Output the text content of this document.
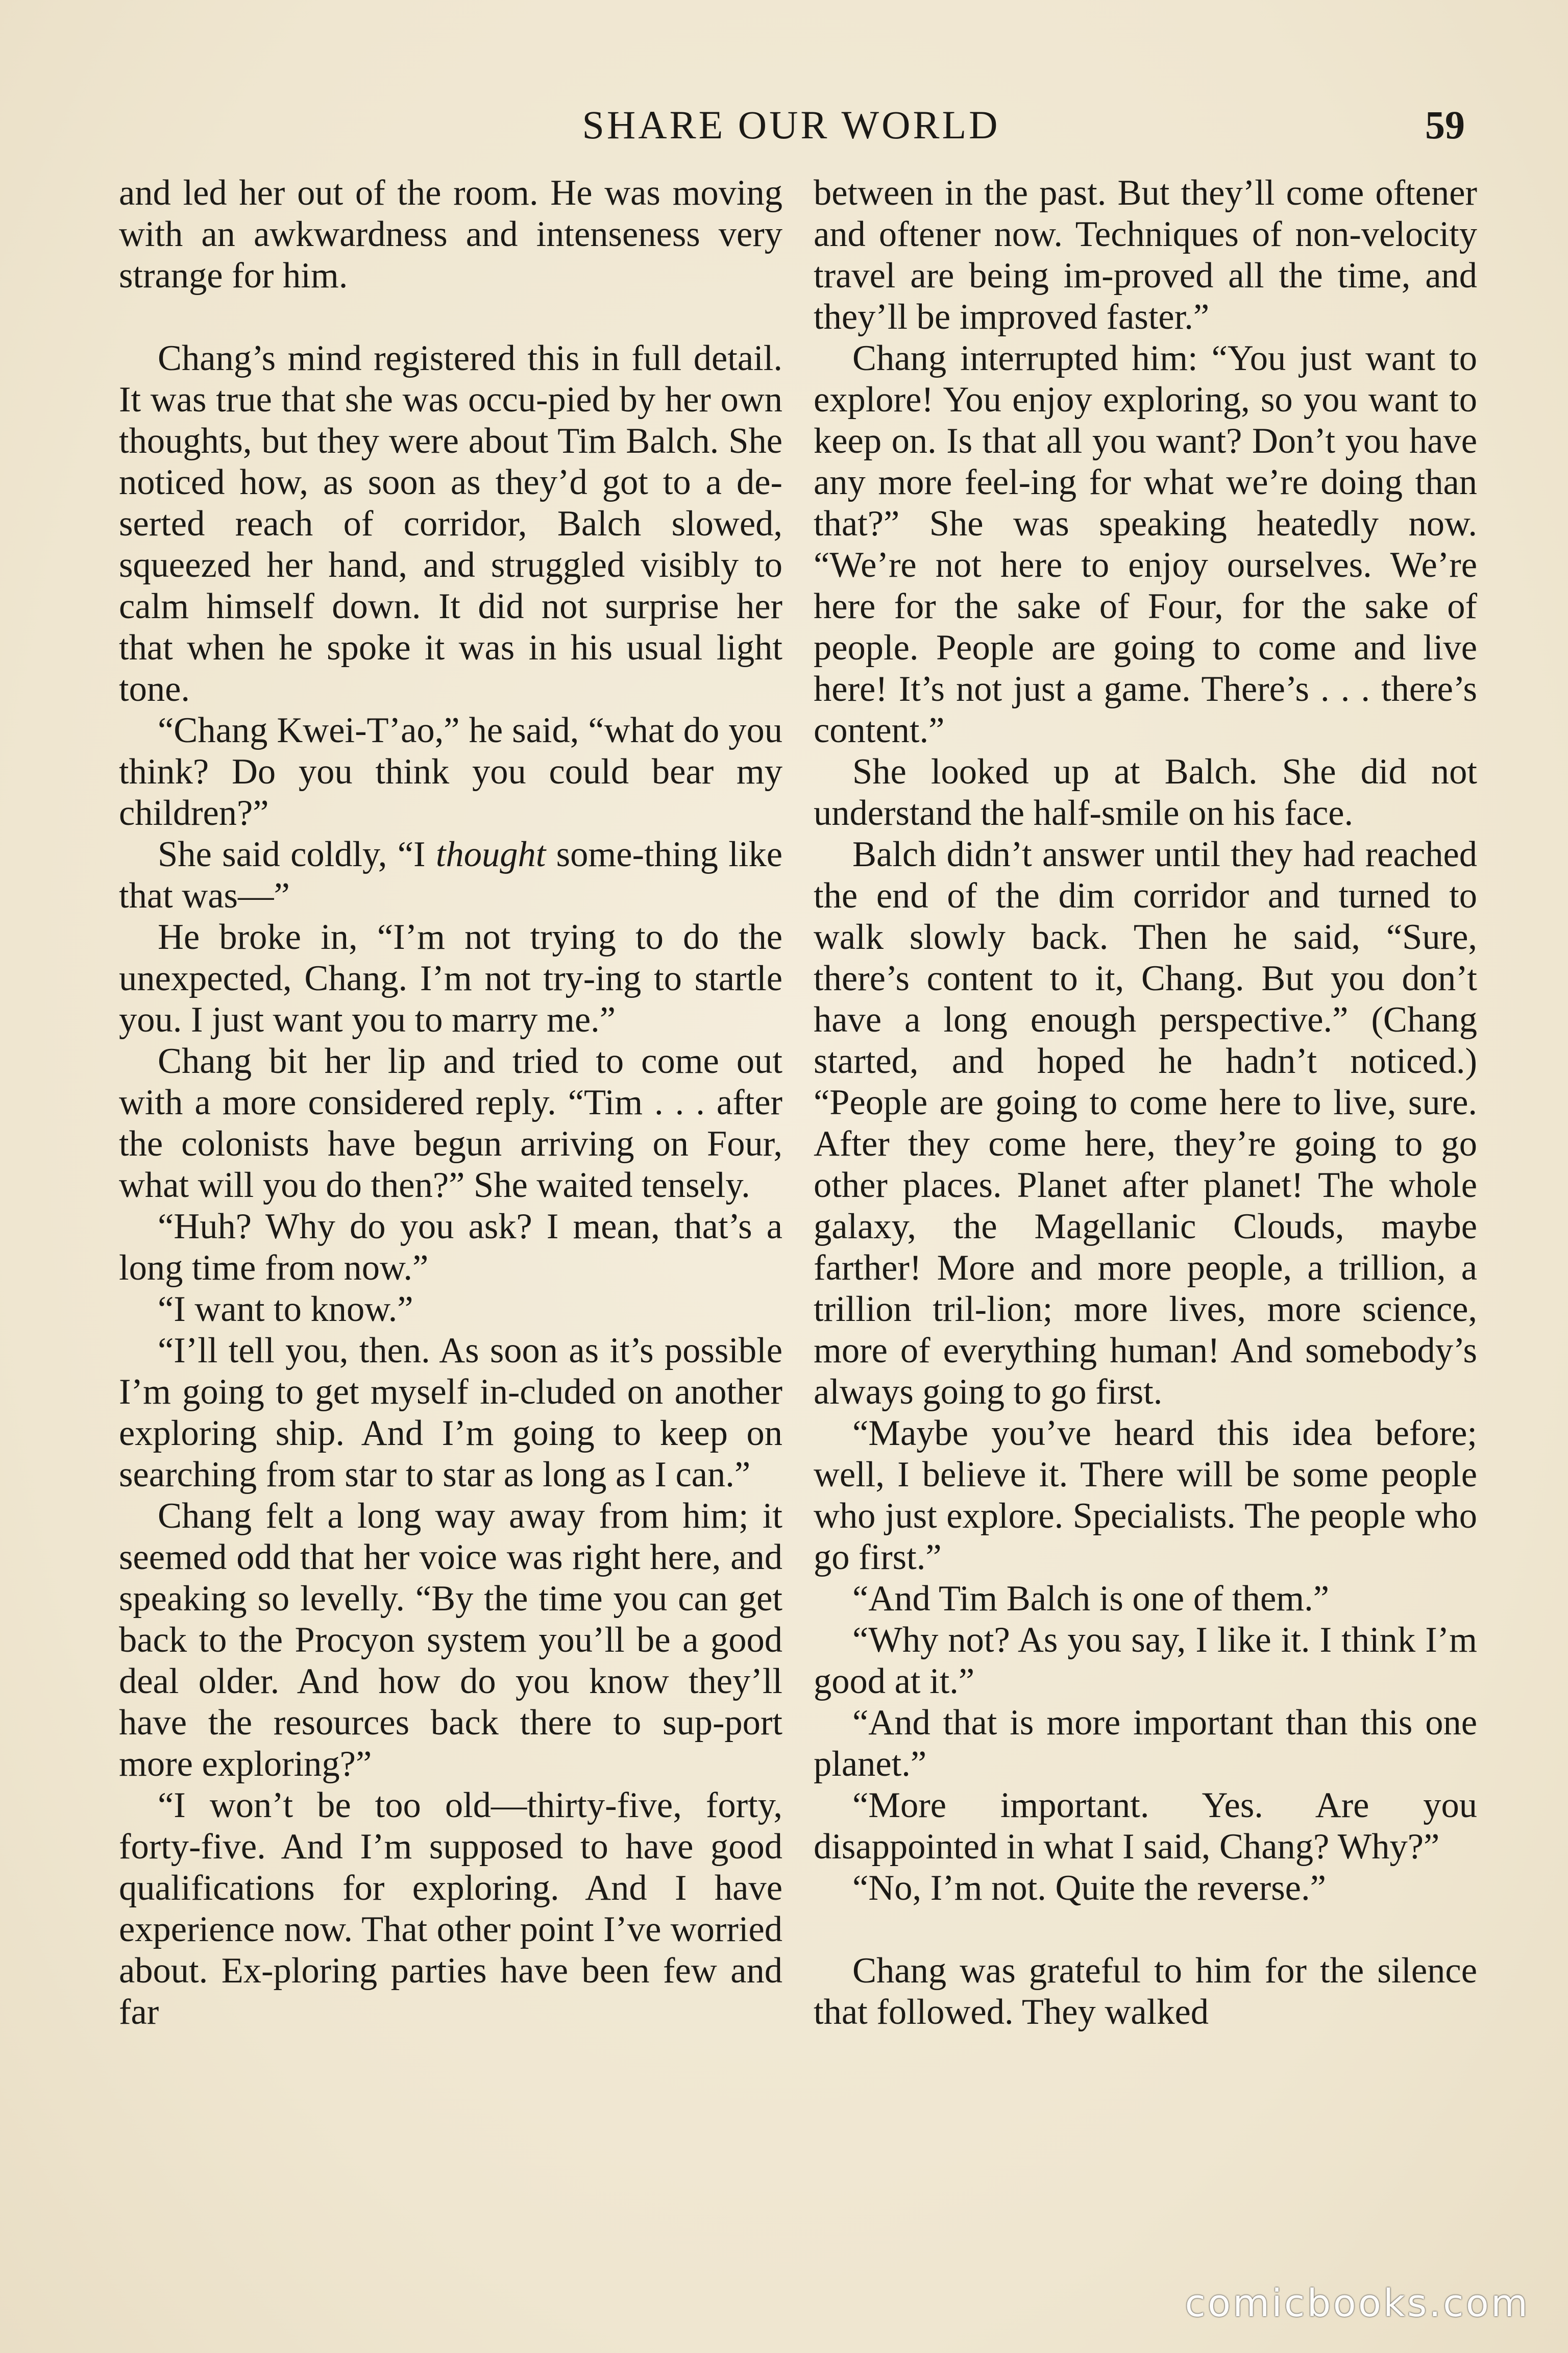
SHARE OUR WORLD	59

and led her out of the room. He was moving with an awkwardness and intenseness very strange for him.

Chang’s mind registered this in full detail. It was true that she was occu-pied by her own thoughts, but they were about Tim Balch. She noticed how, as soon as they’d got to a de-serted reach of corridor, Balch slowed, squeezed her hand, and struggled visibly to calm himself down. It did not surprise her that when he spoke it was in his usual light tone.

“Chang Kwei-T’ao,” he said, “what do you think? Do you think you could bear my children?”

She said coldly, “I thought some-thing like that was—”

He broke in, “I’m not trying to do the unexpected, Chang. I’m not try-ing to startle you. I just want you to marry me.”

Chang bit her lip and tried to come out with a more considered reply. “Tim . . . after the colonists have begun arriving on Four, what will you do then?” She waited tensely.

“Huh? Why do you ask? I mean, that’s a long time from now.”

“I want to know.”

“I’ll tell you, then. As soon as it’s possible I’m going to get myself in-cluded on another exploring ship. And I’m going to keep on searching from star to star as long as I can.”

Chang felt a long way away from him; it seemed odd that her voice was right here, and speaking so levelly. “By the time you can get back to the Procyon system you’ll be a good deal older. And how do you know they’ll have the resources back there to sup-port more exploring?”

“I won’t be too old—thirty-five, forty, forty-five. And I’m supposed to have good qualifications for exploring. And I have experience now. That other point I’ve worried about. Ex-ploring parties have been few and far

between in the past. But they’ll come oftener and oftener now. Techniques of non-velocity travel are being im-proved all the time, and they’ll be improved faster.”

Chang interrupted him: “You just want to explore! You enjoy exploring, so you want to keep on. Is that all you want? Don’t you have any more feel-ing for what we’re doing than that?” She was speaking heatedly now. “We’re not here to enjoy ourselves. We’re here for the sake of Four, for the sake of people. People are going to come and live here! It’s not just a game. There’s . . . there’s content.”

She looked up at Balch. She did not understand the half-smile on his face.

Balch didn’t answer until they had reached the end of the dim corridor and turned to walk slowly back. Then he said, “Sure, there’s content to it, Chang. But you don’t have a long enough perspective.” (Chang started, and hoped he hadn’t noticed.) “People are going to come here to live, sure. After they come here, they’re going to go other places. Planet after planet! The whole galaxy, the Magellanic Clouds, maybe farther! More and more people, a trillion, a trillion tril-lion; more lives, more science, more of everything human! And somebody’s always going to go first.

“Maybe you’ve heard this idea before; well, I believe it. There will be some people who just explore. Specialists. The people who go first.”

“And Tim Balch is one of them.”

“Why not? As you say, I like it. I think I’m good at it.”

“And that is more important than this one planet.”

“More important. Yes. Are you disappointed in what I said, Chang? Why?”

“No, I’m not. Quite the reverse.”

Chang was grateful to him for the silence that followed. They walked

comicbooks.com
